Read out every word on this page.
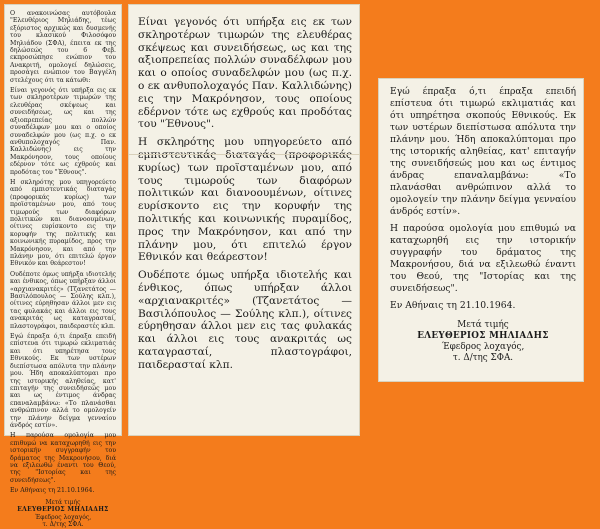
Ο ανακοινώσας αυτόβουλα "Ελευθέριος Μηλιάδης, τέως εξόριστος αρχικώς και δυσμενής του κλασικού Φιλοσόφου Μηλιάδου (ΣΦΑ), έπειτα εκ της δηλώσεώς του 6 Φεβ. εκπροσώπησε ενώπιον του Ανακριτή, ομολογεί δηλώσεις, προσάγει ενώπιον του Βαγγέλη στελέχους ότι τα κάτωθι:

Είναι γεγονός ότι υπήρξα εις εκ των σκληροτέρων τιμωρών της ελευθέρας σκέψεως και συνειδήσεως, ως και της αξιοπρεπείας πολλών συναδέλφων μου και ο οποίος συναδελφών μου (ως π.χ. ο εκ ανθυπολοχαγός Παν. Καλλιδώνης) εις την Μακρόνησον, τους οποίους εδέρνον τότε ως εχθρούς και προδότας του "Έθνους".

Η σκληρότης μου υπηγορεύετο από εμπιστευτικάς διαταγάς (προφορικάς κυρίως) των προϊσταμένων μου, από τους τιμωρούς των διαφόρων πολιτικών και διανοουμένων, οίτινες ευρίσκοντο εις την κορυφήν της πολιτικής και κοινωνικής πυραμίδος, προς την Μακρόνησον, και από την πλάνην μου, ότι επιτελώ έργον Εθνικόν και θεάρεστον!

Ουδέποτε όμως υπήρξα ιδιοτελής και ένθικος, όπως υπήρξαν άλλοι «αρχιανακριτές» (Τζανετάτος — Βασιλόπουλος — Σούλης κλπ.), οίτινες εύρηθησαν άλλοι μεν εις τας φυλακάς και άλλοι εις τους ανακριτάς ως καταγρασταί, πλαστογράφοι, παιδεραστές κλπ.

Εγώ έπραξα ό,τι έπραξα επειδή επίστευα ότι τιμωρώ εκλιματιάς και ότι υπηρέτησα τους Εθνικούς. Εκ των υστέρων διεπίστωσα απόλυτα την πλάνην μου. Ήδη αποκαλύπτομαι προ της ιστορικής αληθείας, κατ' επιταγήν της συνειδήσεώς μου και ως έντιμος άνδρας επαναλαμβάνω: «Το πλανάσθαι ανθρώπινον αλλά το ομολογείν την πλάνην δείγμα γενναίου άνδρός εστίν».

Η παρούσα ομολογία μου επιθυμώ να καταχωρηθή εις την ιστορικήν συγγραφήν του δράματος της Μακρονήσου, διά να εξιλεωθώ έναντι του Θεού, της "Ιστορίας και της συνειδήσεως".

Εν Αθήναις τη 21.10.1964.

Μετά τιμής
ΕΛΕΥΘΕΡΙΟΣ ΜΗΛΙΑΔΗΣ
Έφεδρος λοχαγός,
τ. Δ/της ΣΦΑ.

Είναι γεγονός ότι υπήρξα εις εκ των σκληροτέρων τιμωρών της ελευθέρας σκέψεως και συνειδήσεως, ως και της αξιοπρεπείας πολλών συναδέλφων μου και ο οποίος συναδελφών μου (ως π.χ. ο εκ ανθυπολοχαγός Παν. Καλλιδώνης) εις την Μακρόνησον, τους οποίους εδέρνον τότε ως εχθρούς και προδότας του "Έθνους".

Η σκληρότης μου υπηγορεύετο από κυρίως) των προϊσταμένων μου, από τους τιμωρούς των διαφόρων πολιτικών και διανοουμένων, οίτινες ευρίσκοντο εις την κορυφήν της πολιτικής και κοινωνικής πυραμίδος, προς την Μακρόνησον, και από την πλάνην μου, ότι επιτελώ έργον Εθνικόν και θεάρεστον!

Ουδέποτε όμως υπήρξα ιδιοτελής και ένθικος, όπως υπήρξαν άλλοι «αρχιανακριτές» (Τζανετάτος — Βασιλόπουλος — Σούλης κλπ.), οίτινες εύρηθησαν άλλοι μεν εις τας φυλακάς και άλλοι εις τους ανακριτάς ως καταγρασταί, πλαστογράφοι, παιδερασταί κλπ.

Εγώ έπραξα ό,τι έπραξα επειδή επίστευα ότι τιμωρώ εκλιματιάς και ότι υπηρέτησα σκοπούς Εθνικούς. Εκ των υστέρων διεπίστωσα απόλυτα την πλάνην μου. Ήδη αποκαλύπτομαι προ της ιστορικής αληθείας, κατ' επιταγήν της συνειδήσεώς μου και ως έντιμος άνδρας επαναλαμβάνω: «Το πλανάσθαι ανθρώπινον αλλά το ομολογείν την πλάνην δείγμα γενναίου άνδρός εστίν».

Η παρούσα ομολογία μου επιθυμώ να καταχωρηθή εις την ιστορικήν συγγραφήν του δράματος της Μακρονήσου, διά να εξιλεωθώ έναντι του Θεού, της "Ιστορίας και της συνειδήσεως".

Εν Αθήναις τη 21.10.1964.

Μετά τιμής
ΕΛΕΥΘΕΡΙΟΣ ΜΗΛΙΑΔΗΣ
Έφεδρος λοχαγός,
τ. Δ/της ΣΦΑ.
